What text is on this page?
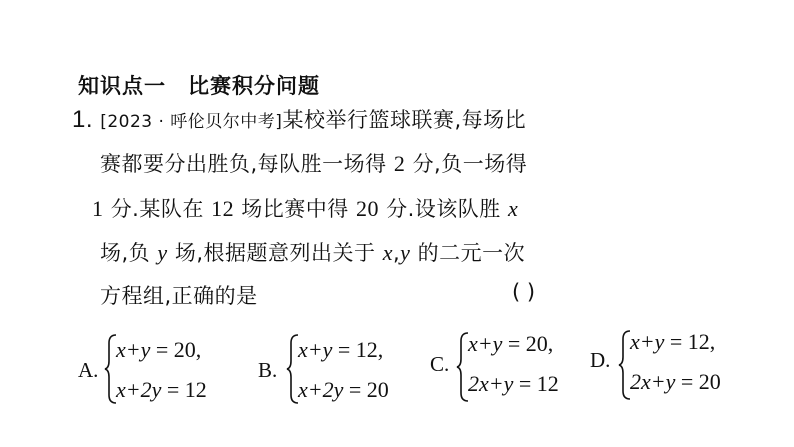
知识点一 比赛积分问题
1. [2023 · 呼伦贝尔中考]某校举行篮球联赛,每场比
赛都要分出胜负,每队胜一场得 2 分,负一场得
1 分.某队在 12 场比赛中得 20 分.设该队胜 x
场,负 y 场,根据题意列出关于 x,y 的二元一次
方程组,正确的是	( )
A.
x+y = 20,
x+2y = 12
B.
x+y = 12,
x+2y = 20
C.
x+y = 20,
2x+y = 12
D.
x+y = 12,
2x+y = 20
